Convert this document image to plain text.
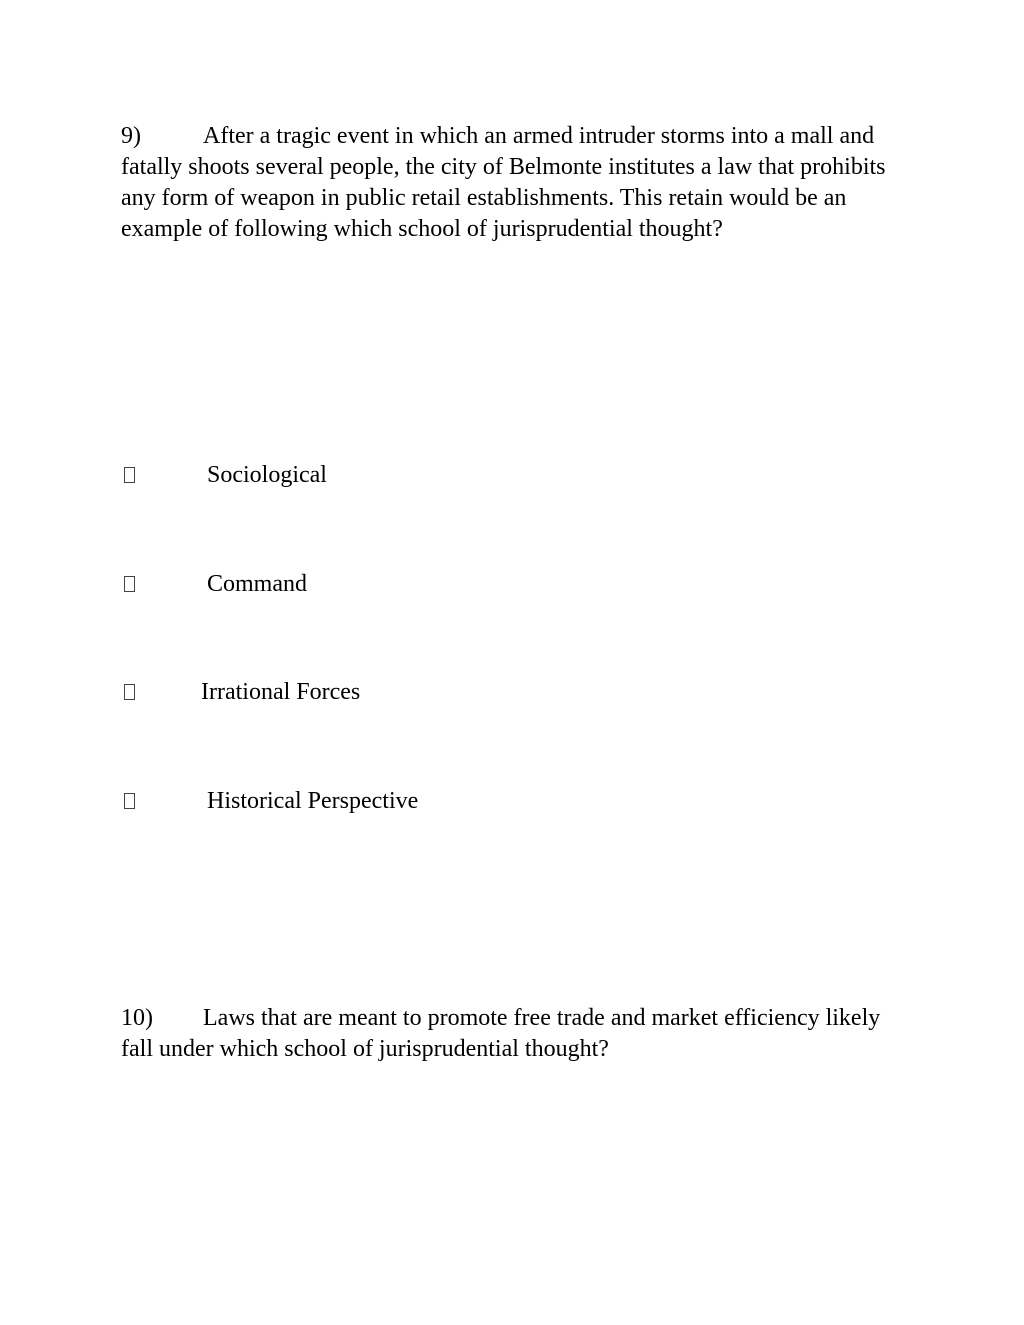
9)	After a tragic event in which an armed intruder storms into a mall and fatally shoots several people, the city of Belmonte institutes a law that prohibits any form of weapon in public retail establishments. This retain would be an example of following which school of jurisprudential thought?

Sociological
Command
Irrational Forces
Historical Perspective

10) Laws that are meant to promote free trade and market efficiency likely fall under which school of jurisprudential thought?
